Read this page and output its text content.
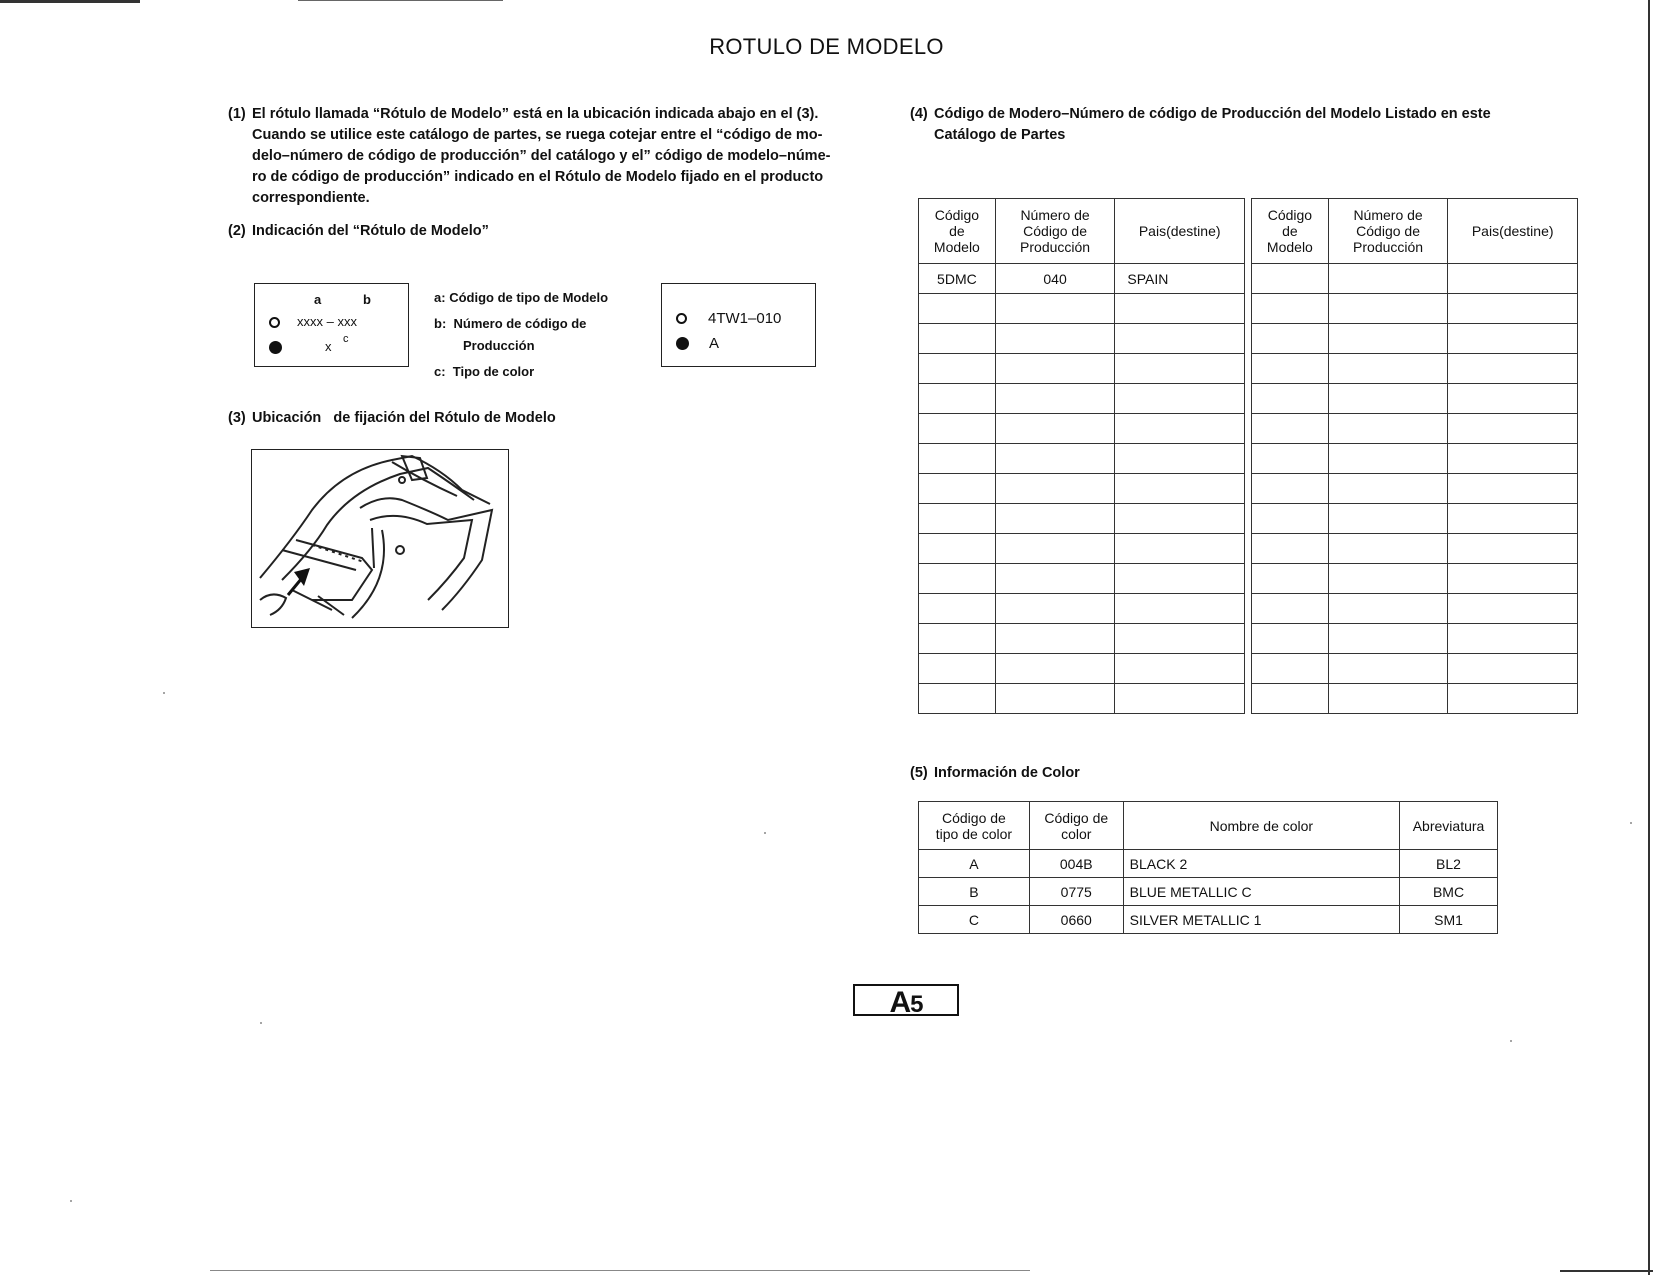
ROTULO DE MODELO
(1) El rótulo llamada “Rótulo de Modelo” está en la ubicación indicada abajo en el (3).
Cuando se utilice este catálogo de partes, se ruega cotejar entre el “código de mo-
delo–número de código de producción” del catálogo y el” código de modelo–núme-
ro de código de producción” indicado en el Rótulo de Modelo fijado en el producto
correspondiente.
(2) Indicación del “Rótulo de Modelo”
a	b
xxxx – xxx
x c
a: Código de tipo de Modelo
b: Número de código de
Producción
c: Tipo de color
4TW1–010
A
(3) Ubicación   de fijación del Rótulo de Modelo
(4) Código de Modero–Número de código de Producción del Modelo Listado en este
Catálogo de Partes
Código
de
Modelo	Número de
Código de
Producción	Pais(destine)
5DMC	040	SPAIN

Código
de
Modelo	Número de
Código de
Producción	Pais(destine)

(5) Información de Color
Código de
tipo de color	Código de
color	Nombre de color	Abreviatura
A	004B	BLACK 2	BL2
B	0775	BLUE METALLIC C	BMC
C	0660	SILVER METALLIC 1	SM1
A5
